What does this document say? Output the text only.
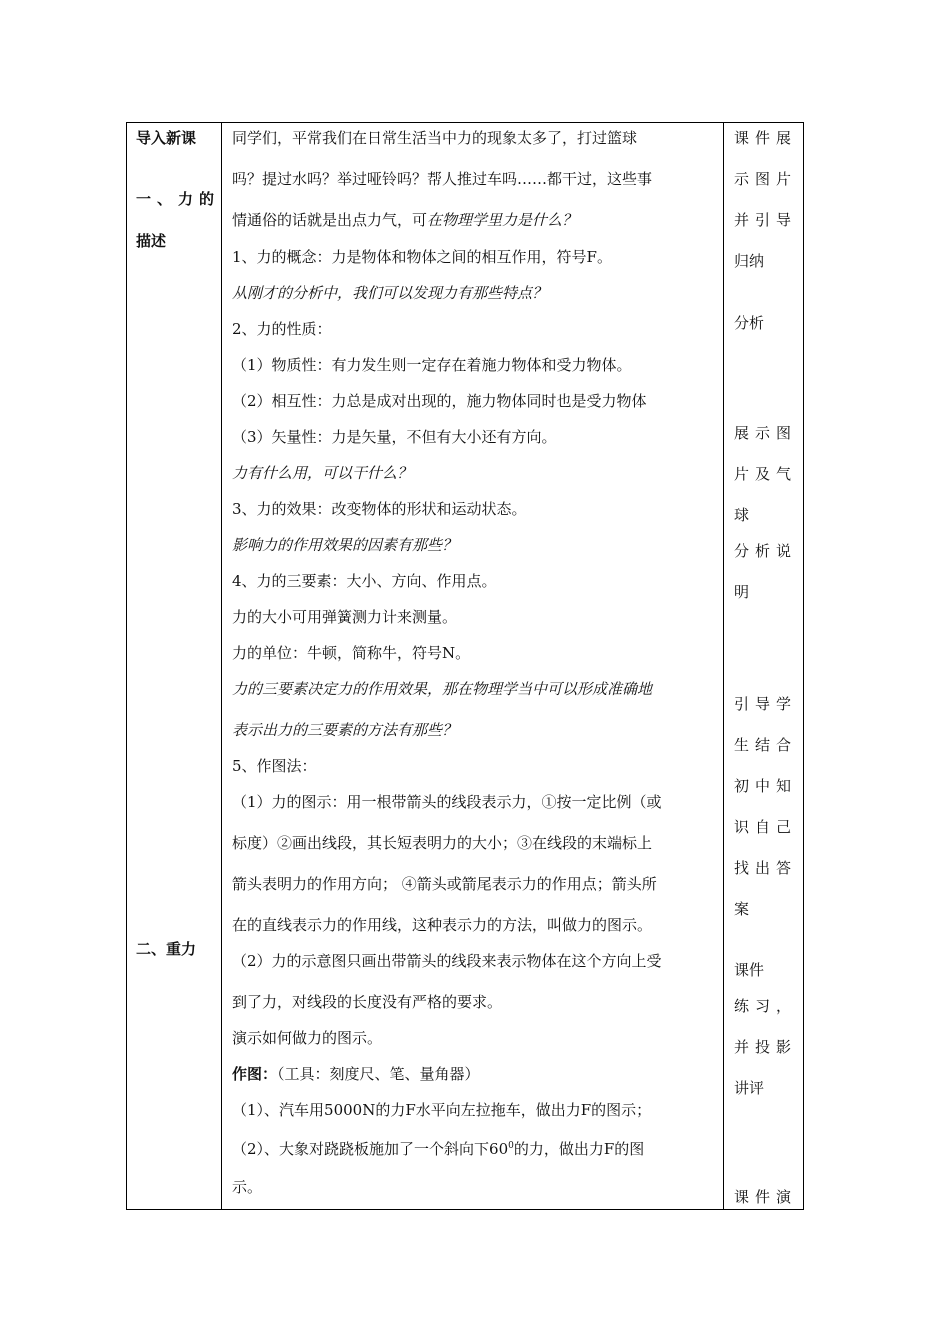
导入新课
一、力的
描述
二、重力
同学们，平常我们在日常生活当中力的现象太多了，打过篮球
吗？提过水吗？举过哑铃吗？帮人推过车吗……都干过，这些事
情通俗的话就是出点力气，可在物理学里力是什么？
1、力的概念：力是物体和物体之间的相互作用，符号F。
从刚才的分析中，我们可以发现力有那些特点？
2、力的性质：
（1）物质性：有力发生则一定存在着施力物体和受力物体。
（2）相互性：力总是成对出现的，施力物体同时也是受力物体
（3）矢量性：力是矢量，不但有大小还有方向。
力有什么用，可以干什么？
3、力的效果：改变物体的形状和运动状态。
影响力的作用效果的因素有那些？
4、力的三要素：大小、方向、作用点。
力的大小可用弹簧测力计来测量。
力的单位：牛顿，简称牛，符号N。
力的三要素决定力的作用效果，那在物理学当中可以形成准确地
表示出力的三要素的方法有那些？
5、作图法：
（1）力的图示：用一根带箭头的线段表示力，①按一定比例（或
标度）②画出线段，其长短表明力的大小；③在线段的末端标上
箭头表明力的作用方向； ④箭头或箭尾表示力的作用点；箭头所
在的直线表示力的作用线，这种表示力的方法，叫做力的图示。
（2）力的示意图只画出带箭头的线段来表示物体在这个方向上受
到了力，对线段的长度没有严格的要求。
演示如何做力的图示。
作图：（工具：刻度尺、笔、量角器）
（1）、汽车用5000N的力F水平向左拉拖车，做出力F的图示；
（2）、大象对跷跷板施加了一个斜向下$60^0$的力，做出力F的图
示。
课件展
示图片
并引导
归纳
分析
展示图
片及气
球
分析说
明
引导学
生结合
初中知
识自己
找出答
案
课件
练习，
并投影
讲评
课件演
